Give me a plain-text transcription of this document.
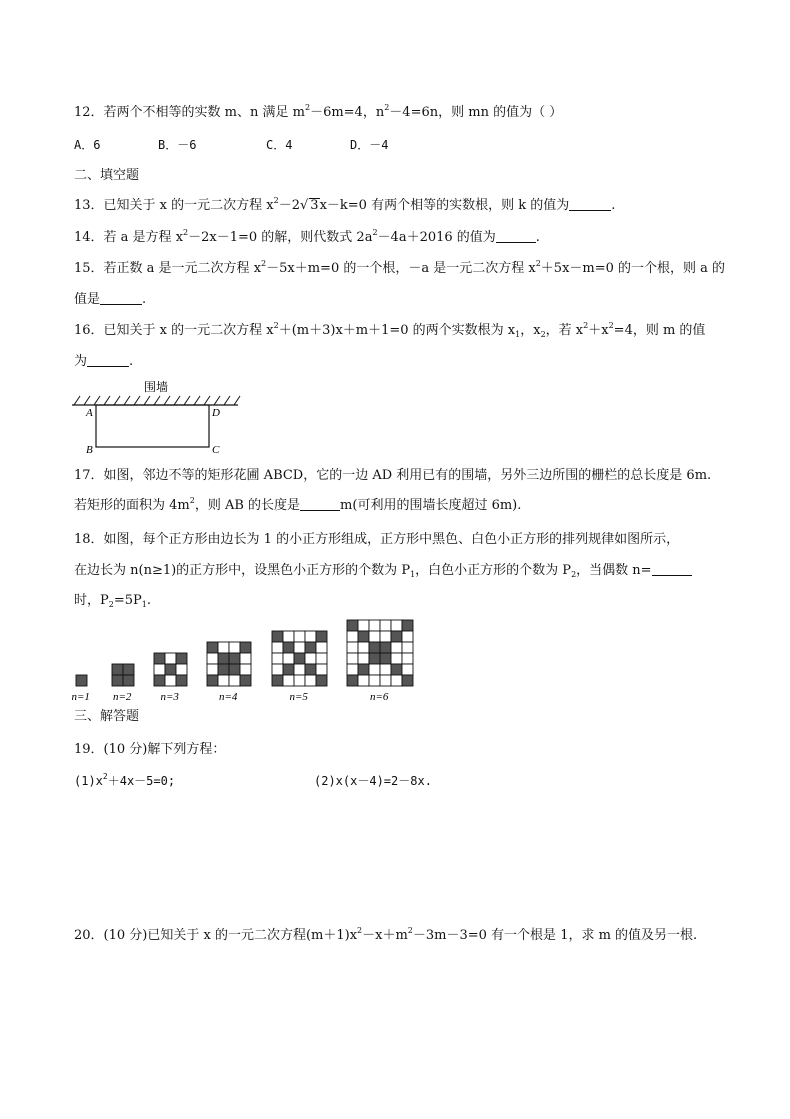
12．若两个不相等的实数 m、n 满足 $m^2-6m=4$，$n^2-4=6n$，则 mn 的值为（ ）
A．6	B．－6	C．4	D．－4
二、填空题
13．已知关于 x 的一元二次方程 $x^2-2√$ 3x－k=0 有两个相等的实数根，则 k 的值为	.
14．若 a 是方程 $x^2-2x-1=0$ 的解，则代数式 $2a^2-4a+2016$ 的值为	.
15．若正数 a 是一元二次方程 $x^2-5x+m=0$ 的一个根，－a 是一元二次方程 $x^2+5x-m=0$ 的一个根，则 a 的
值是	.
16．已知关于 x 的一元二次方程 $x^2+(m+3)x+m+1=0$ 的两个实数根为 $x_1$，$x_2$，若 $x^2+x^2=4$，则 m 的值
为	.
围墙
A
B	C
D
17．如图，邻边不等的矩形花圃 ABCD，它的一边 AD 利用已有的围墙，另外三边所围的栅栏的总长度是 6m.
若矩形的面积为 $4m^2$，则 AB 的长度是	m(可利用的围墙长度超过 6m).
18．如图，每个正方形由边长为 1 的小正方形组成，正方形中黑色、白色小正方形的排列规律如图所示，
在边长为 n(n≥1)的正方形中，设黑色小正方形的个数为 $P_1$，白色小正方形的个数为 $P_2$，当偶数 n=
时，$P_2=5P_1$.
n=1 n=2	n=3	n=4	n=5	n=6
三、解答题
19．(10 分)解下列方程：
$(1)x^2+4x-5=0$;	(2)x(x－4)=2－8x.
20．(10 分)已知关于 x 的一元二次方程$(m+1)x^2-x+m^2-3m-3=0$ 有一个根是 1，求 m 的值及另一根.
